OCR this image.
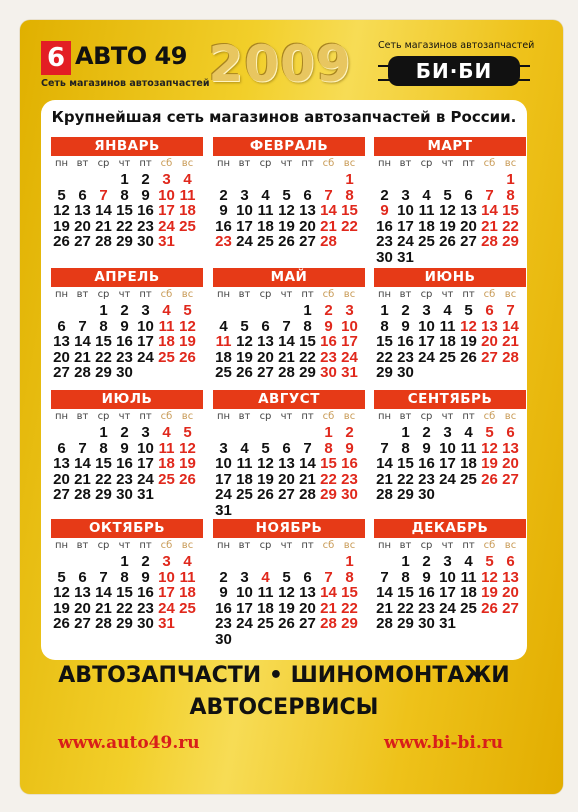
6 АВТО 49
Сеть магазинов автозапчастей
2009	Сеть магазинов автозапчастей
БИ·БИ
Крупнейшая сеть магазинов автозапчастей в России.
ЯНВАРЬ
пн вт ср чт пт сб вс
1 2 3 4
5 6 7 8 9 10 11
12 13 14 15 16 17 18
19 20 21 22 23 24 25
26 27 28 29 30 31
ФЕВРАЛЬ
пн вт ср чт пт сб вс
1
2 3 4 5 6 7 8
9 10 11 12 13 14 15
16 17 18 19 20 21 22
23 24 25 26 27 28
МАРТ
пн вт ср чт пт сб вс
1
2 3 4 5 6 7 8
9 10 11 12 13 14 15
16 17 18 19 20 21 22
23 24 25 26 27 28 29
30 31
АПРЕЛЬ
пн вт ср чт пт сб вс
1 2 3 4 5
6 7 8 9 10 11 12
13 14 15 16 17 18 19
20 21 22 23 24 25 26
27 28 29 30
МАЙ
пн вт ср чт пт сб вс
1 2 3
4 5 6 7 8 9 10
11 12 13 14 15 16 17
18 19 20 21 22 23 24
25 26 27 28 29 30 31
ИЮНЬ
пн вт ср чт пт сб вс
1 2 3 4 5 6 7
8 9 10 11 12 13 14
15 16 17 18 19 20 21
22 23 24 25 26 27 28
29 30
ИЮЛЬ
пн вт ср чт пт сб вс
1 2 3 4 5
6 7 8 9 10 11 12
13 14 15 16 17 18 19
20 21 22 23 24 25 26
27 28 29 30 31
АВГУСТ
пн вт ср чт пт сб вс
1 2
3 4 5 6 7 8 9
10 11 12 13 14 15 16
17 18 19 20 21 22 23
24 25 26 27 28 29 30
31
СЕНТЯБРЬ
пн вт ср чт пт сб вс
1 2 3 4 5 6
7 8 9 10 11 12 13
14 15 16 17 18 19 20
21 22 23 24 25 26 27
28 29 30
ОКТЯБРЬ
пн вт ср чт пт сб вс
1 2 3 4
5 6 7 8 9 10 11
12 13 14 15 16 17 18
19 20 21 22 23 24 25
26 27 28 29 30 31
НОЯБРЬ
пн вт ср чт пт сб вс
1
2 3 4 5 6 7 8
9 10 11 12 13 14 15
16 17 18 19 20 21 22
23 24 25 26 27 28 29
30
ДЕКАБРЬ
пн вт ср чт пт сб вс
1 2 3 4 5 6
7 8 9 10 11 12 13
14 15 16 17 18 19 20
21 22 23 24 25 26 27
28 29 30 31
АВТОЗАПЧАСТИ • ШИНОМОНТАЖИ
АВТОСЕРВИСЫ
www.auto49.ru	www.bi-bi.ru
